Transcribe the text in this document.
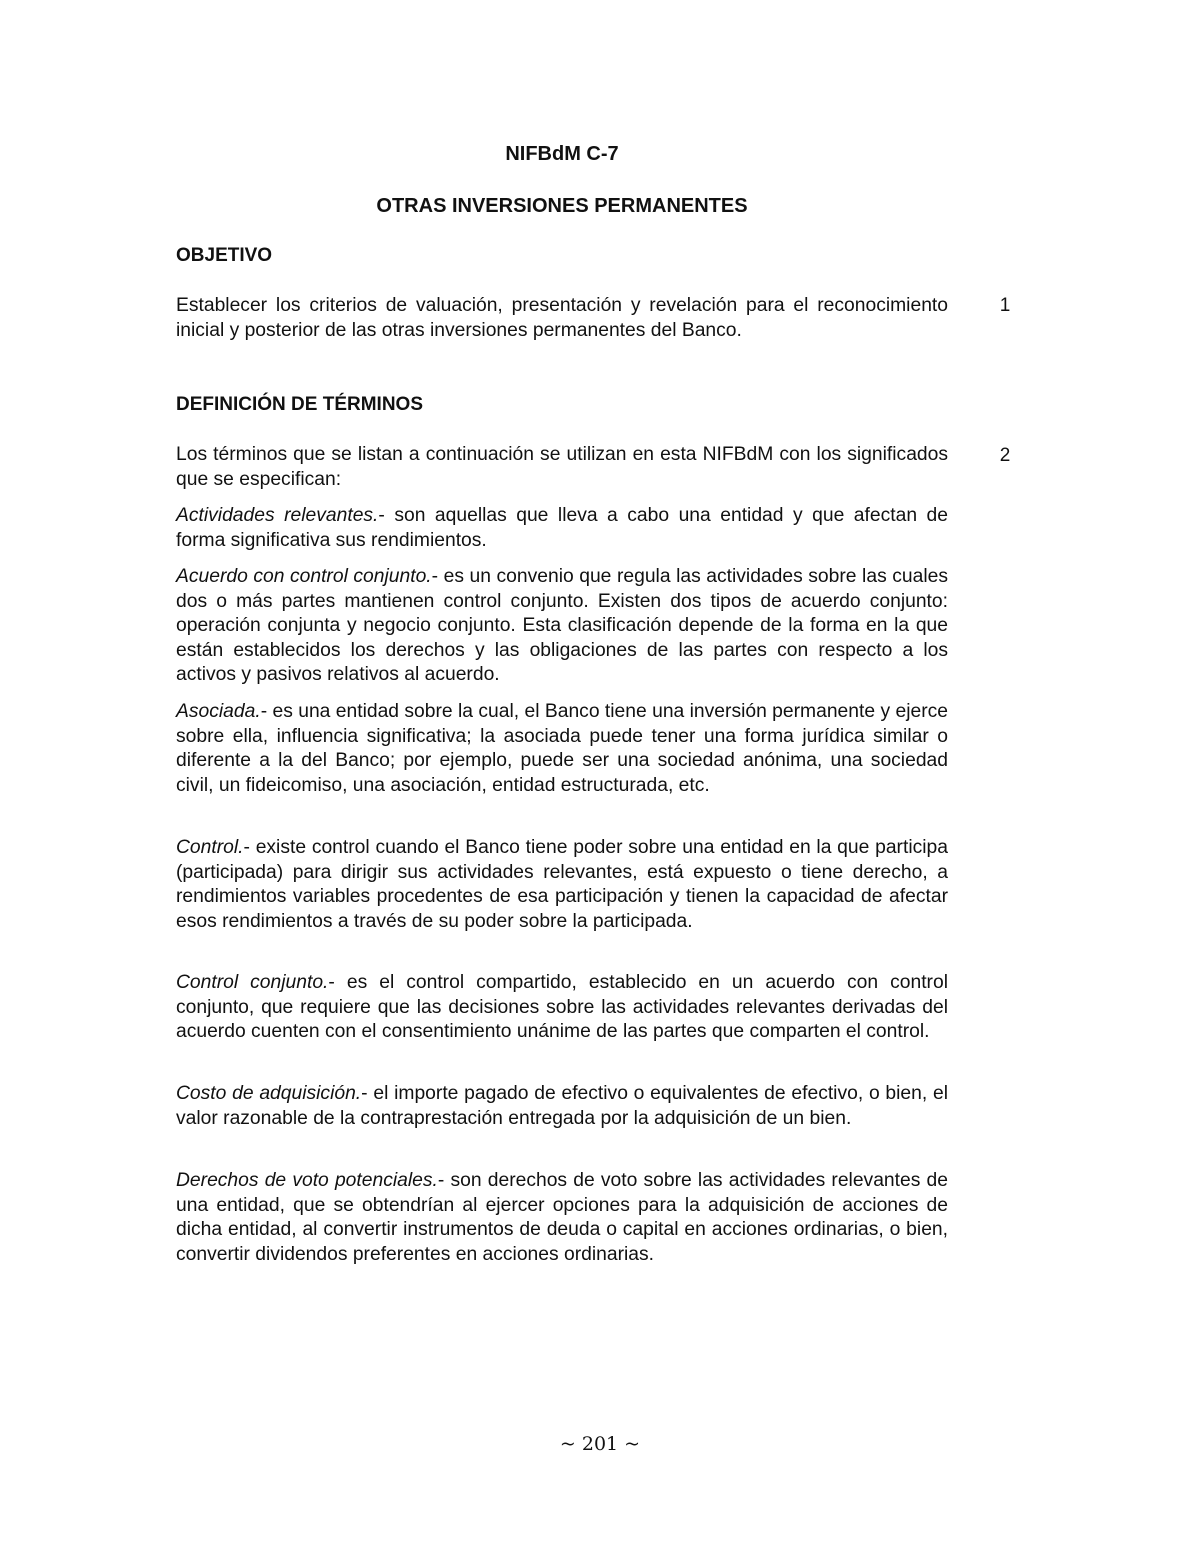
NIFBdM C-7
OTRAS INVERSIONES PERMANENTES
OBJETIVO

Establecer los criterios de valuación, presentación y revelación para el reconocimiento inicial y posterior de las otras inversiones permanentes del Banco.

1
DEFINICIÓN DE TÉRMINOS

Los términos que se listan a continuación se utilizan en esta NIFBdM con los significados que se especifican:

2

Actividades relevantes.- son aquellas que lleva a cabo una entidad y que afectan de forma significativa sus rendimientos.

Acuerdo con control conjunto.- es un convenio que regula las actividades sobre las cuales dos o más partes mantienen control conjunto. Existen dos tipos de acuerdo conjunto: operación conjunta y negocio conjunto. Esta clasificación depende de la forma en la que están establecidos los derechos y las obligaciones de las partes con respecto a los activos y pasivos relativos al acuerdo.

Asociada.- es una entidad sobre la cual, el Banco tiene una inversión permanente y ejerce sobre ella, influencia significativa; la asociada puede tener una forma jurídica similar o diferente a la del Banco; por ejemplo, puede ser una sociedad anónima, una sociedad civil, un fideicomiso, una asociación, entidad estructurada, etc.

Control.- existe control cuando el Banco tiene poder sobre una entidad en la que participa (participada) para dirigir sus actividades relevantes, está expuesto o tiene derecho, a rendimientos variables procedentes de esa participación y tienen la capacidad de afectar esos rendimientos a través de su poder sobre la participada.

Control conjunto.- es el control compartido, establecido en un acuerdo con control conjunto, que requiere que las decisiones sobre las actividades relevantes derivadas del acuerdo cuenten con el consentimiento unánime de las partes que comparten el control.

Costo de adquisición.- el importe pagado de efectivo o equivalentes de efectivo, o bien, el valor razonable de la contraprestación entregada por la adquisición de un bien.

Derechos de voto potenciales.- son derechos de voto sobre las actividades relevantes de una entidad, que se obtendrían al ejercer opciones para la adquisición de acciones de dicha entidad, al convertir instrumentos de deuda o capital en acciones ordinarias, o bien, convertir dividendos preferentes en acciones ordinarias.

~ 201 ~
